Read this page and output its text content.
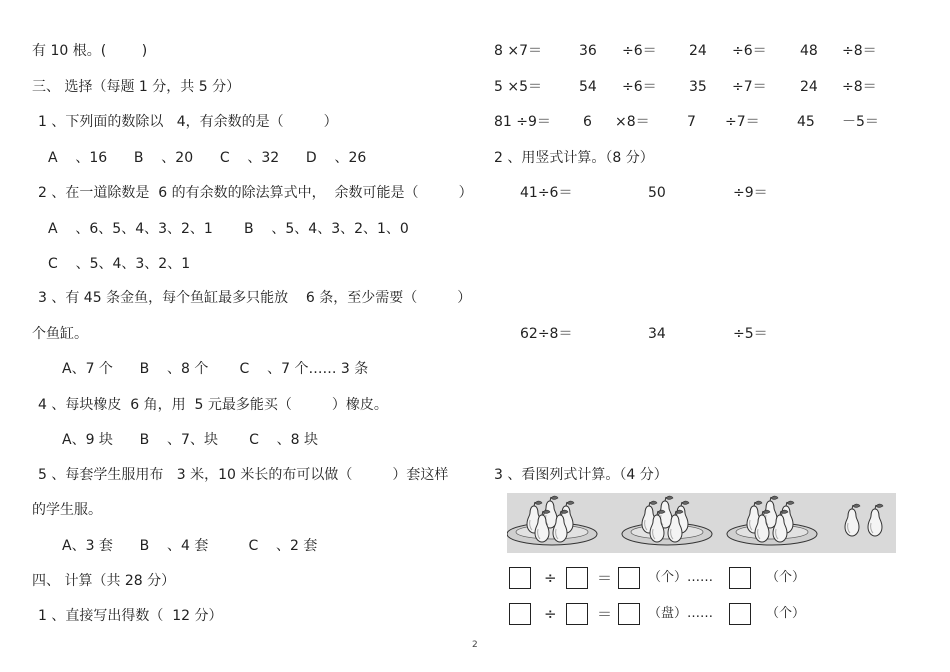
有 10 根。(        )
三、 选择（每题 1 分，共 5 分）
1 、下列面的数除以   4，有余数的是（         ）
A    、16      B    、20      C    、32      D    、26
2 、在一道除数是  6 的有余数的除法算式中，  余数可能是（         ）
A    、6、5、4、3、2、1       B    、5、4、3、2、1、0
C    、5、4、3、2、1
3 、有 45 条金鱼，每个鱼缸最多只能放    6 条，至少需要（         ）
个鱼缸。
A、7 个      B    、8 个       C    、7 个…… 3 条
4 、每块橡皮  6 角，用  5 元最多能买（         ）橡皮。
A、9 块      B    、7、块       C    、8 块
5 、每套学生服用布   3 米，10 米长的布可以做（         ）套这样
的学生服。
A、3 套      B    、4 套         C    、2 套
四、 计算（共 28 分）
1 、直接写出得数（  12 分）
8 ×7＝	36 ÷6＝ 24 ÷6＝ 48 ÷8＝
5 ×5＝	54 ÷6＝ 35 ÷7＝ 24 ÷8＝
81 ÷9＝ 6 ×8＝	7 ÷7＝	45 －5＝
2 、用竖式计算。（8 分）
41÷6＝	50	÷9＝
62÷8＝	34	÷5＝
3 、看图列式计算。（4 分）
÷	＝	（个）……	（个）
÷	＝	（盘）……	（个）
2
